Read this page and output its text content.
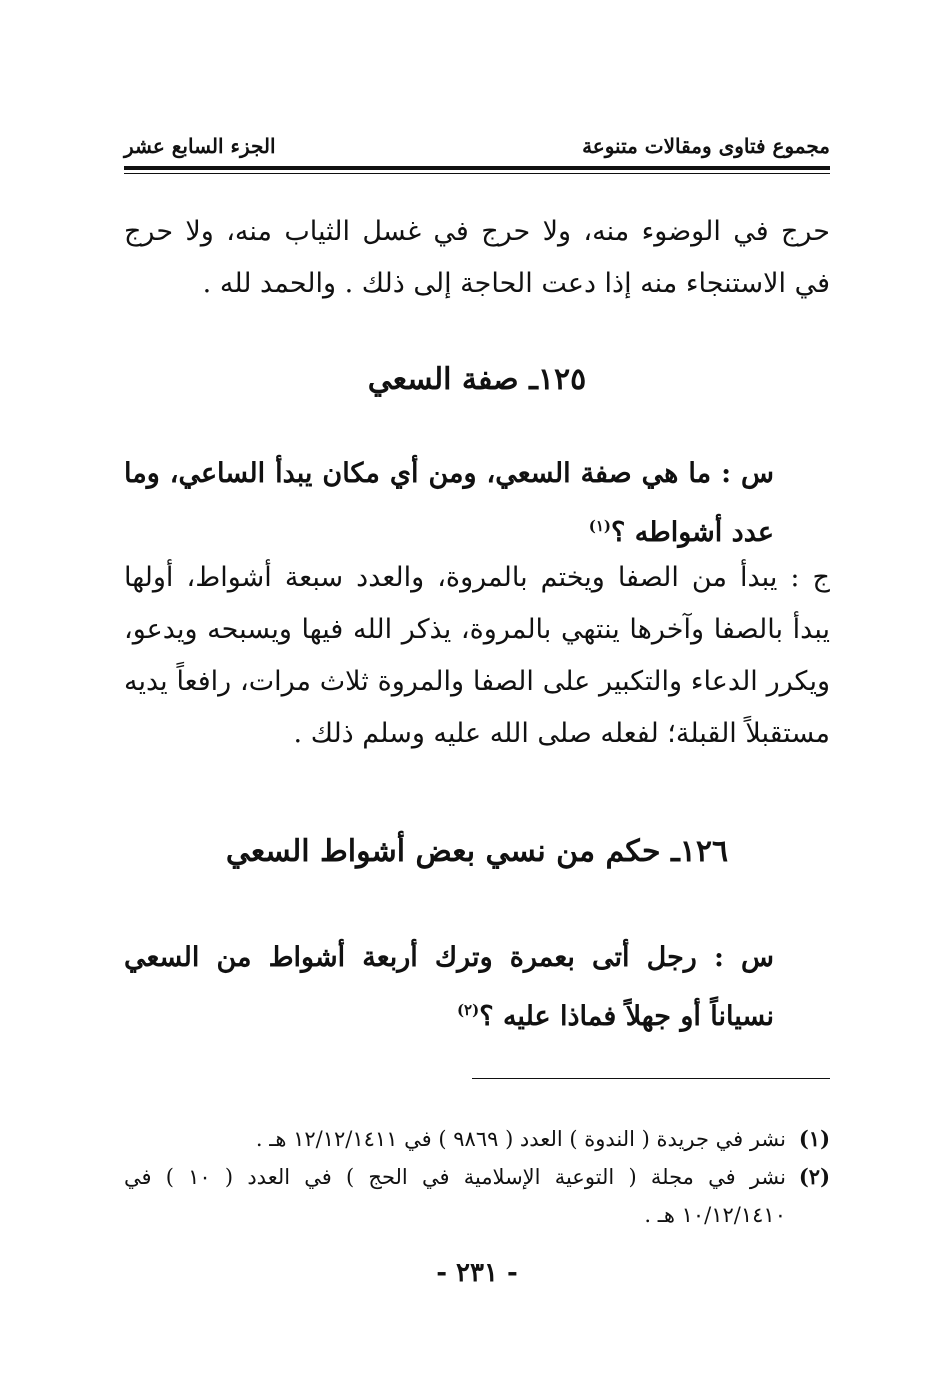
مجموع فتاوى ومقالات متنوعة
الجزء السابع عشر

حرج في الوضوء منه، ولا حرج في غسل الثياب منه، ولا حرج في الاستنجاء منه إذا دعت الحاجة إلى ذلك . والحمد لله .

١٢٥ـ صفة السعي

س : ما هي صفة السعي، ومن أي مكان يبدأ الساعي، وما عدد أشواطه ؟$^{(١)}$

ج : يبدأ من الصفا ويختم بالمروة، والعدد سبعة أشواط، أولها يبدأ بالصفا وآخرها ينتهي بالمروة، يذكر الله فيها ويسبحه ويدعو، ويكرر الدعاء والتكبير على الصفا والمروة ثلاث مرات، رافعاً يديه مستقبلاً القبلة؛ لفعله صلى الله عليه وسلم ذلك .

١٢٦ـ حكم من نسي بعض أشواط السعي

س : رجل أتى بعمرة وترك أربعة أشواط من السعي نسياناً أو جهلاً فماذا عليه ؟$^{(٢)}$

(١)
نشر في جريدة ( الندوة ) العدد ( ٩٨٦٩ ) في ١٢/١٢/١٤١١ هـ .
(٢)
نشر في مجلة ( التوعية الإسلامية في الحج ) في العدد ( ١٠ ) في ١٠/١٢/١٤١٠ هـ .
- ٢٣١ -
